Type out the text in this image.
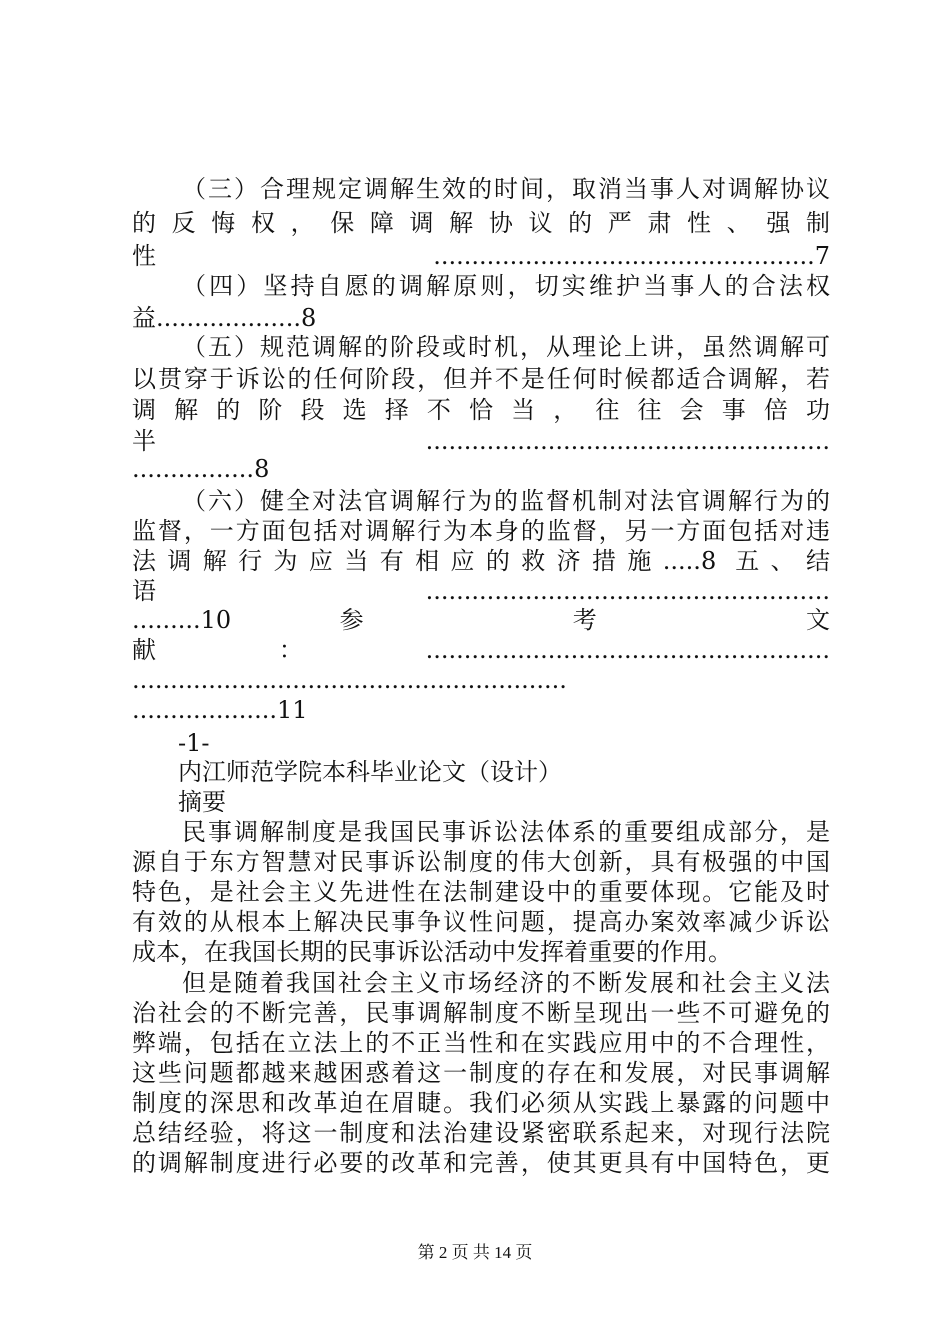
（三）合理规定调解生效的时间，取消当事人对调解协议
的反悔权，保障调解协议的严肃性、强制
性..................................................7
（四）坚持自愿的调解原则，切实维护当事人的合法权
益...................8
（五）规范调解的阶段或时机，从理论上讲，虽然调解可
以贯穿于诉讼的任何阶段，但并不是任何时候都适合调解，若
调解的阶段选择不恰当，往往会事倍功
半.....................................................
................8
（六）健全对法官调解行为的监督机制对法官调解行为的
监督，一方面包括对调解行为本身的监督，另一方面包括对违
法调解行为应当有相应的救济措施.....8 五、结
语.....................................................
.........10 参 考 文
献：.....................................................
.........................................................
...................11
-1-
内江师范学院本科毕业论文（设计）
摘要
民事调解制度是我国民事诉讼法体系的重要组成部分，是
源自于东方智慧对民事诉讼制度的伟大创新，具有极强的中国
特色，是社会主义先进性在法制建设中的重要体现。它能及时
有效的从根本上解决民事争议性问题，提高办案效率减少诉讼
成本，在我国长期的民事诉讼活动中发挥着重要的作用。
但是随着我国社会主义市场经济的不断发展和社会主义法
治社会的不断完善，民事调解制度不断呈现出一些不可避免的
弊端，包括在立法上的不正当性和在实践应用中的不合理性，
这些问题都越来越困惑着这一制度的存在和发展，对民事调解
制度的深思和改革迫在眉睫。我们必须从实践上暴露的问题中
总结经验，将这一制度和法治建设紧密联系起来，对现行法院
的调解制度进行必要的改革和完善，使其更具有中国特色，更
第 2 页 共 14 页
